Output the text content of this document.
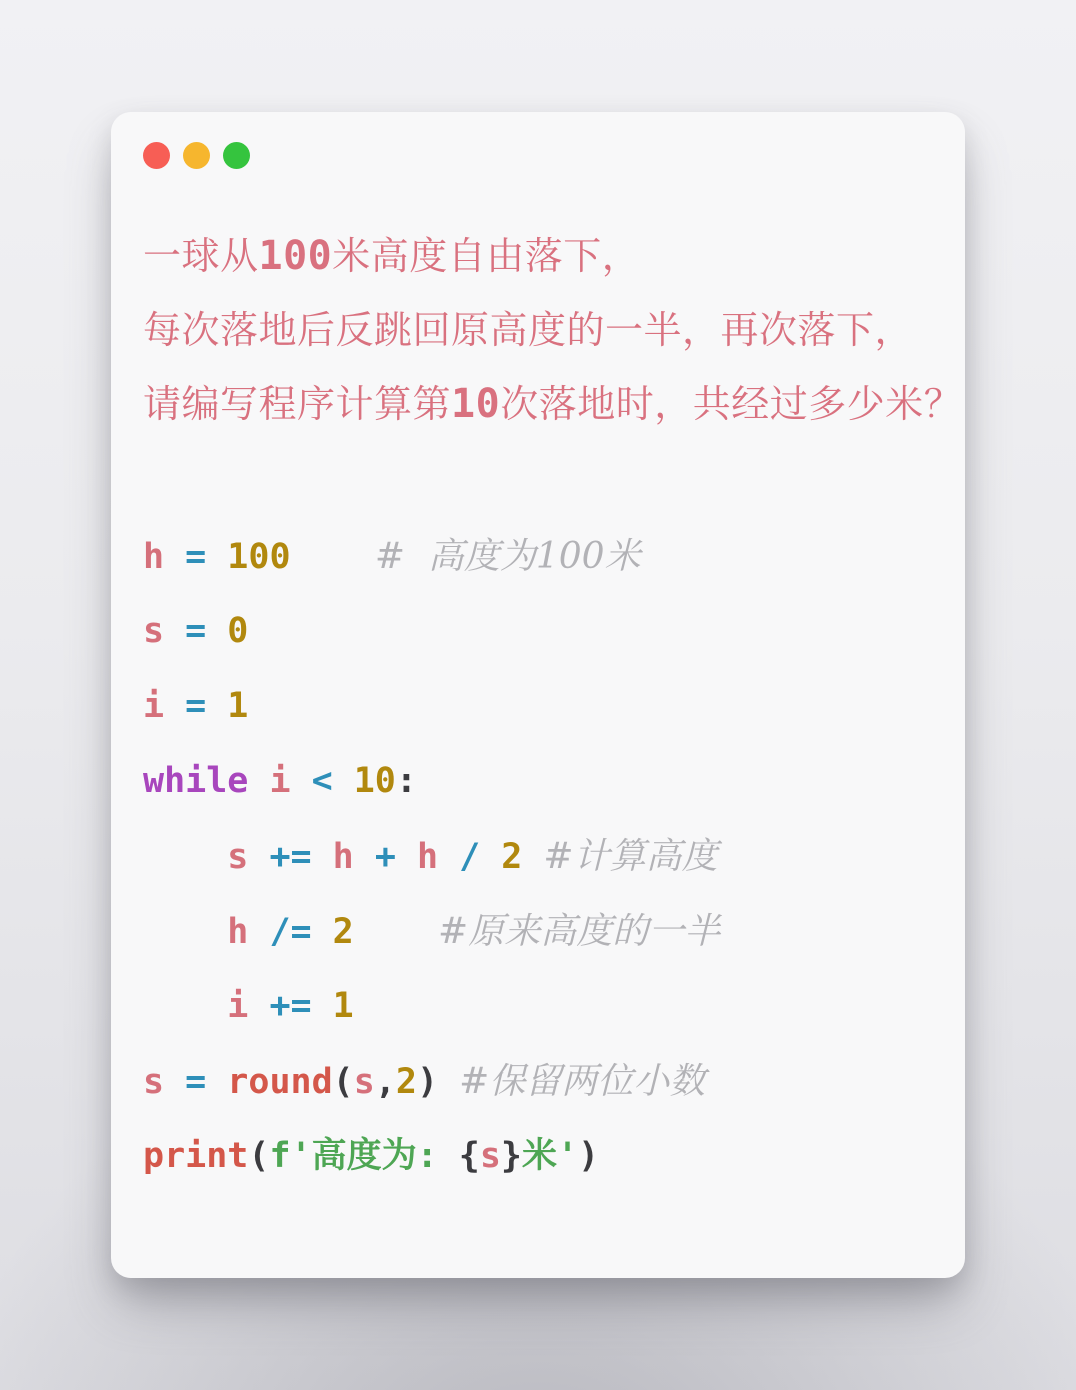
一球从100米高度自由落下，
每次落地后反跳回原高度的一半，再次落下，
请编写程序计算第10次落地时，共经过多少米？
h = 100 #  高度为100米
s = 0
i = 1
while i < 10:
s += h + h / 2 #计算高度
h /= 2 #原来高度的一半
i += 1
s = round(s,2) #保留两位小数
print(f'高度为: {s}米')
